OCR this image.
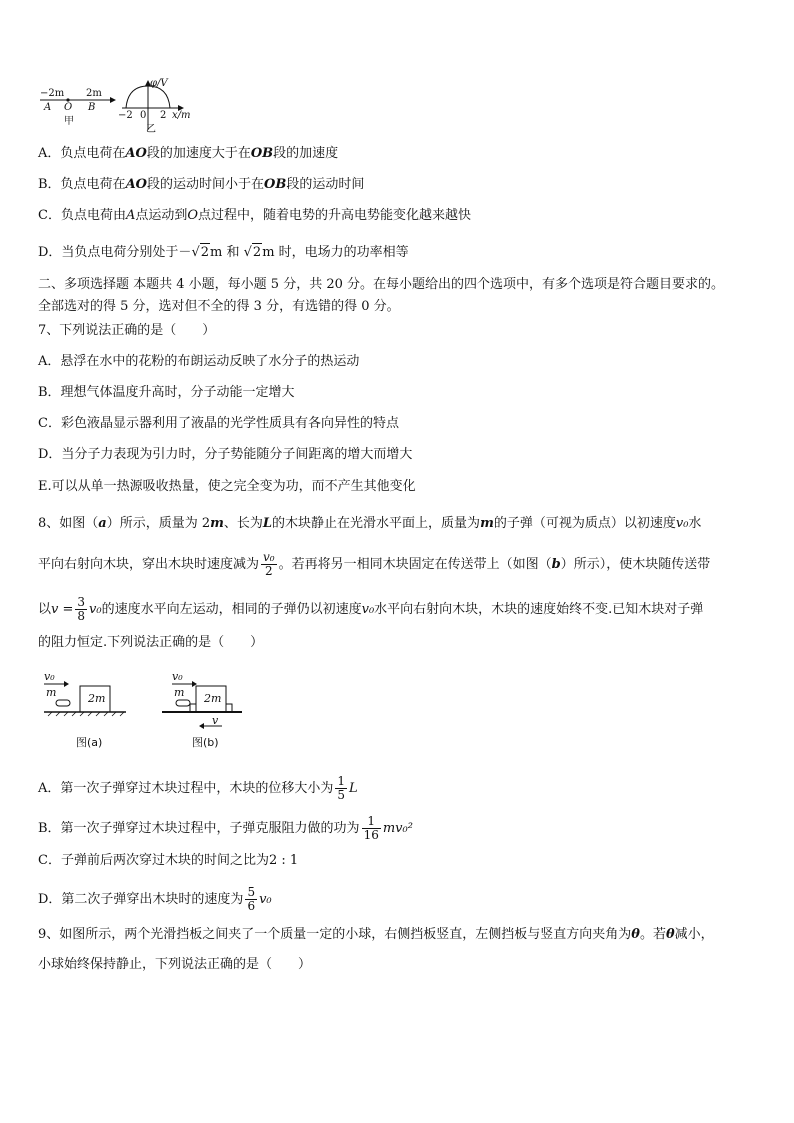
−2m 2m
A O B
甲
φ/V
−2 0 2 x/m
乙
A．负点电荷在AO段的加速度大于在OB段的加速度
B．负点电荷在AO段的运动时间小于在OB段的运动时间
C．负点电荷由A点运动到O点过程中，随着电势的升高电势能变化越来越快
D．当负点电荷分别处于－√2m 和 √2m 时，电场力的功率相等
二、多项选择题 本题共 4 小题，每小题 5 分，共 20 分。在每小题给出的四个选项中，有多个选项是符合题目要求的。
全部选对的得 5 分，选对但不全的得 3 分，有选错的得 0 分。
7、下列说法正确的是（　　）
A．悬浮在水中的花粉的布朗运动反映了水分子的热运动
B．理想气体温度升高时，分子动能一定增大
C．彩色液晶显示器利用了液晶的光学性质具有各向异性的特点
D．当分子力表现为引力时，分子势能随分子间距离的增大而增大
E.可以从单一热源吸收热量，使之完全变为功，而不产生其他变化
8、如图（a）所示，质量为 2m、长为L的木块静止在光滑水平面上，质量为m的子弹（可视为质点）以初速度v₀水
平向右射向木块，穿出木块时速度减为 $\frac{\text{v₀}}{2}$ 。若再将另一相同木块固定在传送带上（如图（b）所示），使木块随传送带
以$v = \frac{3}{8} v_0$的速度水平向左运动，相同的子弹仍以初速度v₀水平向右射向木块，木块的速度始终不变.已知木块对子弹
的阻力恒定.下列说法正确的是（　　）
v₀
m	2m
图(a)
v₀
m 2m
v
图(b)
A．第一次子弹穿过木块过程中，木块的位移大小为 $\frac{1}{5}$ L
B．第一次子弹穿过木块过程中，子弹克服阻力做的功为 $\frac{1}{16} mv_0^2$
C．子弹前后两次穿过木块的时间之比为2 : 1
D．第二次子弹穿出木块时的速度为 $\frac{5}{6} v_0$
9、如图所示，两个光滑挡板之间夹了一个质量一定的小球，右侧挡板竖直，左侧挡板与竖直方向夹角为θ。若θ减小，
小球始终保持静止，下列说法正确的是（　　）
